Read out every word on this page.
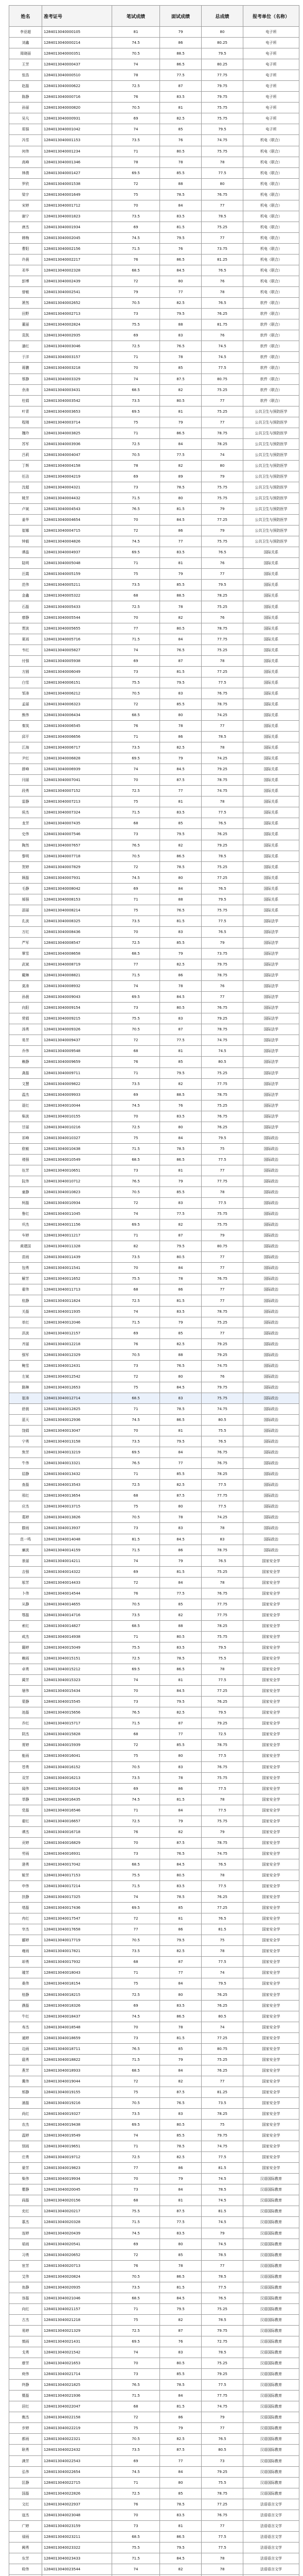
姓名	准考证号	笔试成绩	面试成绩	总成绩	报考单位（名称）
李亚超	1284013040000105	81	79	80	电子所
刘鑫	1284013040000214	74.5	86	80.25	电子所
周晓丽	1284013040000351	70.5	88.5	79.5	电子所
王芳	1284013040000437	74	86.5	80.25	电子所
张浩	1284013040000510	78	77.5	77.75	电子所
赵磊	1284013040000622	72.5	87	79.75	电子所
陈静	1284013040000716	76	83.5	79.75	电子所
孙丽	1284013040000820	70.5	81	75.75	电子所
吴凡	1284013040000931	69	82.5	75.75	电子所
郑强	1284013040001042	74	85	79.5	电子所
冯雪	1284013040001153	73.5	76	74.75	机电（联合）
何伟	1284013040001234	71	80.5	75.75	机电（联合）
高峰	1284013040001346	78	78	78	机电（联合）
林倩	1284013040001427	69.5	85.5	77.5	机电（联合）
罗欣	1284013040001538	72	88	80	机电（联合）
梁宇	1284013040001649	75	78.5	76.75	机电（联合）
宋婷	1284013040001712	70	84	77	机电（联合）
谢宁	1284013040001823	73.5	83.5	78.5	机电（联合）
唐杰	1284013040001934	69	81.5	75.25	机电（联合）
韩梅	1284013040002045	74.5	79.5	77	机电（联合）
曹阳	1284013040002156	71.5	76	73.75	机电（联合）
许晨	1284013040002217	76	86.5	81.25	机电（联合）
邓华	1284013040002328	68.5	84.5	76.5	机电（联合）
彭博	1284013040002439	72	80	76	机电（联合）
曾敏	1284013040002541	79	77	78	机电（联合）
萧然	1284013040002652	70.5	82.5	76.5	软件（联合）
田野	1284013040002713	73	79.5	76.25	软件（联合）
董丽	1284013040002824	75.5	88	81.75	软件（联合）
袁凯	1284013040002935	69	83	76	软件（联合）
潘红	1284013040003046	72.5	76.5	74.5	软件（联合）
于洋	1284013040003157	71	78	74.5	软件（联合）
蒋鹏	1284013040003218	70	85	77.5	软件（联合）
蔡静	1284013040003329	74	87.5	80.75	软件（联合）
余涛	1284013040003431	68.5	82	75.25	软件（联合）
杜娟	1284013040003542	73.5	80.5	77	软件（联合）
叶青	1284013040003653	69.5	81	75.25	公共卫生与预防医学
程刚	1284013040003714	75	79	77	公共卫生与预防医学
魏玲	1284013040003825	71	86.5	78.75	公共卫生与预防医学
苏军	1284013040003936	72.5	84	78.25	公共卫生与预防医学
吕莉	1284013040004047	70.5	77.5	74	公共卫生与预防医学
丁辉	1284013040004158	78	82	80	公共卫生与预防医学
任洁	1284013040004219	69	89	79	公共卫生与预防医学
沈超	1284013040004321	73	78.5	75.75	公共卫生与预防医学
姚芳	1284013040004432	71.5	80	75.75	公共卫生与预防医学
卢斌	1284013040004543	76.5	81.5	79	公共卫生与预防医学
姜华	1284013040004654	70	84.5	77.25	公共卫生与预防医学
崔娜	1284013040004715	72	86	79	公共卫生与预防医学
钟毅	1284013040004826	74.5	77	75.75	公共卫生与预防医学
谭晶	1284013040004937	69.5	83.5	76.5	国际关系
陆明	1284013040005048	71	81	76	国际关系
汪霞	1284013040005159	75	79	77	国际关系
范伟	1284013040005211	73.5	85.5	79.5	国际关系
金鑫	1284013040005322	68	88.5	78.25	国际关系
石磊	1284013040005433	72.5	78	75.25	国际关系
廖静	1284013040005544	70	82	76	国际关系
贾波	1284013040005655	77	80.5	78.75	国际关系
夏雨	1284013040005716	71.5	84	77.75	国际关系
韦红	1284013040005827	74	76.5	75.25	国际关系
付强	1284013040005938	69	87	78	国际关系
方圆	1284013040006049	73	81.5	77.25	国际关系
白雪	1284013040006151	75.5	79.5	77.5	国际关系
邹涛	1284013040006212	70.5	83	76.75	国际关系
孟丽	1284013040006323	72	85.5	78.75	国际关系
熊伟	1284013040006434	68.5	80	74.25	国际关系
秦岚	1284013040006545	76	78	77	国际关系
邱平	1284013040006656	71	86	78.5	国际关系
江海	1284013040006717	73.5	82.5	78	国际关系
尹红	1284013040006828	69.5	79	74.25	国际关系
薛峰	1284013040006939	74	84.5	79.25	国际关系
闫丽	1284013040007041	70	87.5	78.75	国际关系
段勇	1284013040007152	72.5	77	74.75	国际关系
雷静	1284013040007213	75	81	78	国际关系
侯杰	1284013040007324	71.5	83.5	77.5	国际关系
龙芳	1284013040007435	68	85	76.5	国际关系
史伟	1284013040007546	73	79.5	76.25	国际关系
陶然	1284013040007657	76.5	82	79.25	国际关系
黎明	1284013040007718	70.5	86.5	78.5	国际关系
贺婷	1284013040007829	72	78.5	75.25	国际关系
顾磊	1284013040007931	74.5	80	77.25	国际关系
毛静	1284013040008042	69	84	76.5	国际关系
郝强	1284013040008153	71	88	79.5	国际关系
邵丽	1284013040008214	75	76.5	75.75	国际关系
孔波	1284013040008325	73.5	81.5	77.5	国际法学
万红	1284013040008436	70	83	76.5	国际法学
严军	1284013040008547	72.5	85.5	79	国际法学
覃雪	1284013040008658	68.5	79	73.75	国际法学
武斌	1284013040008719	77	82.5	79.75	国际法学
戴琳	1284013040008821	71.5	86	78.75	国际法学
莫涛	1284013040008932	74	78	76	国际法学
孙晨	1284013040009043	69.5	84.5	77	国际法学
向阳	1284013040009154	73	80.5	76.75	国际法学
常娟	1284013040009215	75.5	83	79.25	国际法学
汤勇	1284013040009326	70.5	87	78.75	国际法学
易芳	1284013040009437	72	77.5	74.75	国际法学
乔伟	1284013040009548	68	81	74.5	国际法学
赖静	1284013040009659	76	85	80.5	国际法学
龚磊	1284013040009711	71	79.5	75.25	国际法学
文慧	1284013040009822	73.5	82	77.75	国际法学
温杰	1284013040009933	69	88.5	78.75	国际法学
聂红	1284013040010044	74.5	76	75.25	国际法学
柴波	1284013040010155	70	83.5	76.75	国际法学
甘丽	1284013040010216	72.5	80	76.25	国际法学
祁峰	1284013040010327	75	84	79.5	国际政治
欧敏	1284013040010438	71.5	78.5	75	国际政治
褚强	1284013040010549	68.5	86.5	77.5	国际政治
伍芳	1284013040010651	73	81	77	国际政治
阮伟	1284013040010712	76.5	79	77.75	国际政治
童静	1284013040010823	70.5	85.5	78	国际政治
柯磊	1284013040010934	72	83	77.5	国际政治
鲁红	1284013040011045	74	77.5	75.75	国际政治
巩杰	1284013040011156	69.5	82	75.75	国际政治
车婷	1284013040011217	71	87	79	国际政治
黄建国	1284013040011328	82	79.5	80.75	国际政治
苗雨	1284013040011439	73.5	80.5	77	国际政治
包勇	1284013040011541	70	84	77	国际政治
解芳	1284013040011652	75.5	78	76.75	国际政治
翟伟	1284013040011713	68	86	77	国际政治
杭静	1284013040011824	72.5	81.5	77	国际政治
关磊	1284013040011935	74	83.5	78.75	国际政治
单红	1284013040012046	71.5	79	75.25	国际政治
洪波	1284013040012157	69	85	77	国际政治
齐丽	1284013040012218	76	82.5	79.25	国际政治
强军	1284013040012329	70.5	88	79.25	国际政治
鲍雪	1284013040012431	73	76.5	74.75	国际政治
左斌	1284013040012542	72	80	76	国际政治
路琳	1284013040012653	75	84.5	79.75	国际政治
崔涛	1284013040012714	68.5	83	75.75	国际政治
舒晨	1284013040012825	71	78.5	74.75	国际政治
蓝天	1284013040012936	74.5	86.5	80.5	国际政治
饶娟	1284013040013047	70	81	75.5	国际政治
宁勇	1284013040013158	73.5	79.5	76.5	国际政治
焦芳	1284013040013219	69.5	84	76.75	国际政治
牛伟	1284013040013321	76.5	77	76.75	国际政治
屈静	1284013040013432	71	85.5	78.25	国际政治
查磊	1284013040013543	72.5	82.5	77.5	国际政治
邢红	1284013040013654	68	87.5	77.75	国际政治
应杰	1284013040013715	75	80	77.5	国际政治
葛婷	1284013040013826	70.5	78	74.25	国际政治
滕雨	1284013040013937	73	83	78	国际政治
范一鸣	1284013040014048	81.5	84.5	83	国际政治
廉波	1284013040014159	71.5	86	78.75	国际政治
景丽	1284013040014211	74	79	76.5	国家安全学
吉强	1284013040014322	69	81.5	75.25	国家安全学
邬芳	1284013040014433	72	84	78	国家安全学
卜伟	1284013040014544	76	77.5	76.75	国家安全学
从静	1284013040014655	70.5	85	77.75	国家安全学
鄂磊	1284013040014716	73.5	82	77.75	国家安全学
索红	1284013040014827	68.5	88	78.25	国家安全学
咸杰	1284013040014938	71	80.5	75.75	国家安全学
籍婷	1284013040015049	75.5	83.5	79.5	国家安全学
赖雨	1284013040015151	72.5	78.5	75.5	国家安全学
卓勇	1284013040015212	69.5	86.5	78	国家安全学
蔺芳	1284013040015323	74	81	77.5	国家安全学
屠伟	1284013040015434	70	84.5	77.25	国家安全学
蒙静	1284013040015545	73	79.5	76.25	国家安全学
池磊	1284013040015656	76.5	82.5	79.5	国家安全学
乔红	1284013040015717	71.5	87	79.25	国家安全学
阴杰	1284013040015828	68	77	72.5	国家安全学
胥婷	1284013040015939	72	85.5	78.75	国家安全学
能雨	1284013040016041	75	80	77.5	国家安全学
苍勇	1284013040016152	70.5	83	76.75	国家安全学
双芳	1284013040016213	73.5	78	75.75	国家安全学
闻伟	1284013040016324	69	86	77.5	国家安全学
莘静	1284013040016435	74.5	81.5	78	国家安全学
党磊	1284013040016546	71	84	77.5	国家安全学
翟红	1284013040016657	72.5	79	75.75	国家安全学
谭杰	1284013040016718	76	82	79	国家安全学
贡婷	1284013040016829	70	87.5	78.75	国家安全学
劳雨	1284013040016931	73	76.5	74.75	国家安全学
逄勇	1284013040017042	68.5	84.5	76.5	国家安全学
姬芳	1284013040017153	75.5	80.5	78	国家安全学
申伟	1284013040017214	71.5	83.5	77.5	国家安全学
扶静	1284013040017325	74	78.5	76.25	国家安全学
堵磊	1284013040017436	69.5	85	77.25	国家安全学
冉红	1284013040017547	72	81	76.5	国家安全学
宰杰	1284013040017658	77	86	81.5	国家安全学
郦婷	1284013040017719	70.5	79.5	75	国家安全学
雍雨	1284013040017821	73.5	82.5	78	国家安全学
却勇	1284013040017932	68	87	77.5	国家安全学
璩芳	1284013040018043	71	77	74	国家安全学
桑伟	1284013040018154	75	84	79.5	国家安全学
桂静	1284013040018215	72.5	80	76.25	国家安全学
濮磊	1284013040018326	69	83.5	76.25	国家安全学
牛红	1284013040018437	74.5	86.5	80.5	国家安全学
寿杰	1284013040018548	70	78	74	国家安全学
通婷	1284013040018659	73	81.5	77.25	国家安全学
边雨	1284013040018711	76.5	85	80.75	国家安全学
扈勇	1284013040018822	71.5	79	75.25	国家安全学
燕芳	1284013040018933	68.5	84	76.25	国家安全学
冀伟	1284013040019044	72	82	77	国家安全学
郏静	1284013040019155	75	87.5	81.25	国家安全学
浦磊	1284013040019216	70.5	76.5	73.5	国家安全学
尚红	1284013040019327	73.5	83	78.25	国家安全学
农杰	1284013040019438	69.5	80.5	75	国家安全学
温婷	1284013040019549	74	85.5	79.75	国家安全学
别雨	1284013040019651	71	78.5	74.75	国家安全学
庄勇	1284013040019712	72.5	82.5	77.5	国家安全学
晏芳	1284013040019823	77	86	81.5	国家安全学
柴伟	1284013040019934	70	79	74.5	汉语国际教育
瞿静	1284013040020045	73	84	78.5	汉语国际教育
阎磊	1284013040020156	68	81	74.5	汉语国际教育
充红	1284013040020217	75.5	87.5	81.5	汉语国际教育
慕杰	1284013040020328	71.5	77.5	74.5	汉语国际教育
连婷	1284013040020439	74.5	83.5	79	汉语国际教育
茹雨	1284013040020541	69	80	74.5	汉语国际教育
习勇	1284013040020652	72	85	78.5	汉语国际教育
宦芳	1284013040020713	76	78	77	汉语国际教育
艾伟	1284013040020824	70.5	86.5	78.5	汉语国际教育
鱼静	1284013040020935	73.5	81.5	77.5	汉语国际教育
容磊	1284013040021046	68.5	84.5	76.5	汉语国际教育
向红	1284013040021157	71	79.5	75.25	汉语国际教育
古杰	1284013040021218	75	82	78.5	汉语国际教育
易婷	1284013040021329	72.5	87	79.75	汉语国际教育
慎雨	1284013040021431	69.5	76	72.75	汉语国际教育
戈勇	1284013040021542	74	83	78.5	汉语国际教育
廖芳	1284013040021653	70	80.5	75.25	汉语国际教育
庾伟	1284013040021714	73	85.5	79.25	汉语国际教育
终静	1284013040021825	76.5	78.5	77.5	汉语国际教育
暨磊	1284013040021936	71.5	84	77.75	汉语国际教育
居红	1284013040022047	68	81.5	74.75	汉语国际教育
衡杰	1284013040022158	72	86	79	汉语国际教育
步婷	1284013040022219	75	79	77	汉语国际教育
都雨	1284013040022321	70.5	82.5	76.5	汉语国际教育
耿勇	1284013040022432	73.5	87.5	80.5	汉语国际教育
满芳	1284013040022543	69	77	73	汉语国际教育
弘伟	1284013040022654	74.5	84	79.25	汉语国际教育
匡静	1284013040022715	71	80	75.5	汉语国际教育
国磊	1284013040022826	72.5	85	78.75	汉语国际教育
文红	1284013040022937	76	78.5	77.25	法语语言文学
寇杰	1284013040023048	70	83.5	76.75	法语语言文学
广婷	1284013040023159	73	81	77	法语语言文学
禄雨	1284013040023211	68.5	86.5	77.5	法语语言文学
阙勇	1284013040023322	75.5	79.5	77.5	法语语言文学
东芳	1284013040023433	71.5	84.5	78	法语语言文学
殴伟	1284013040023544	74	82	78	法语语言文学
